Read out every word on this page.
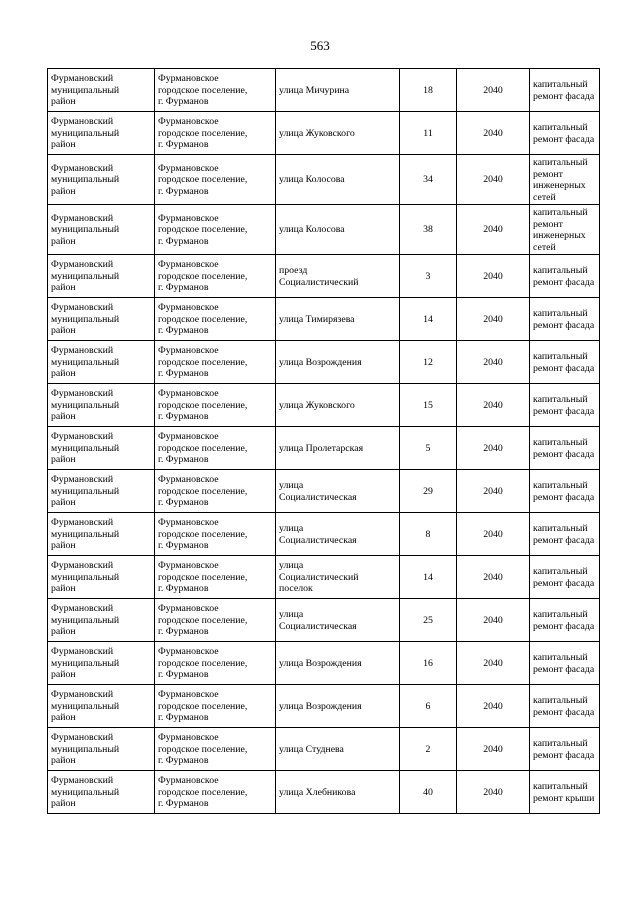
563
Фурмановский
муниципальный
район	Фурмановское
городское поселение,
г. Фурманов	улица Мичурина	18	2040	капитальный
ремонт фасада

Фурмановский
муниципальный
район	Фурмановское
городское поселение,
г. Фурманов	улица Жуковского	11	2040	капитальный
ремонт фасада

Фурмановский
муниципальный
район	Фурмановское
городское поселение,
г. Фурманов	улица Колосова	34	2040	капитальный
ремонт
инженерных
сетей

Фурмановский
муниципальный
район	Фурмановское
городское поселение,
г. Фурманов	улица Колосова	38	2040	капитальный
ремонт
инженерных
сетей

Фурмановский
муниципальный
район	Фурмановское
городское поселение,
г. Фурманов	проезд
Социалистический	3	2040	капитальный
ремонт фасада

Фурмановский
муниципальный
район	Фурмановское
городское поселение,
г. Фурманов	улица Тимирязева	14	2040	капитальный
ремонт фасада

Фурмановский
муниципальный
район	Фурмановское
городское поселение,
г. Фурманов	улица Возрождения	12	2040	капитальный
ремонт фасада

Фурмановский
муниципальный
район	Фурмановское
городское поселение,
г. Фурманов	улица Жуковского	15	2040	капитальный
ремонт фасада

Фурмановский
муниципальный
район	Фурмановское
городское поселение,
г. Фурманов	улица Пролетарская	5	2040	капитальный
ремонт фасада

Фурмановский
муниципальный
район	Фурмановское
городское поселение,
г. Фурманов	улица
Социалистическая	29	2040	капитальный
ремонт фасада

Фурмановский
муниципальный
район	Фурмановское
городское поселение,
г. Фурманов	улица
Социалистическая	8	2040	капитальный
ремонт фасада

Фурмановский
муниципальный
район	Фурмановское
городское поселение,
г. Фурманов	улица
Социалистический
поселок	14	2040	капитальный
ремонт фасада

Фурмановский
муниципальный
район	Фурмановское
городское поселение,
г. Фурманов	улица
Социалистическая	25	2040	капитальный
ремонт фасада

Фурмановский
муниципальный
район	Фурмановское
городское поселение,
г. Фурманов	улица Возрождения	16	2040	капитальный
ремонт фасада

Фурмановский
муниципальный
район	Фурмановское
городское поселение,
г. Фурманов	улица Возрождения	6	2040	капитальный
ремонт фасада

Фурмановский
муниципальный
район	Фурмановское
городское поселение,
г. Фурманов	улица Студнева	2	2040	капитальный
ремонт фасада

Фурмановский
муниципальный
район	Фурмановское
городское поселение,
г. Фурманов	улица Хлебникова	40	2040	капитальный
ремонт крыши
